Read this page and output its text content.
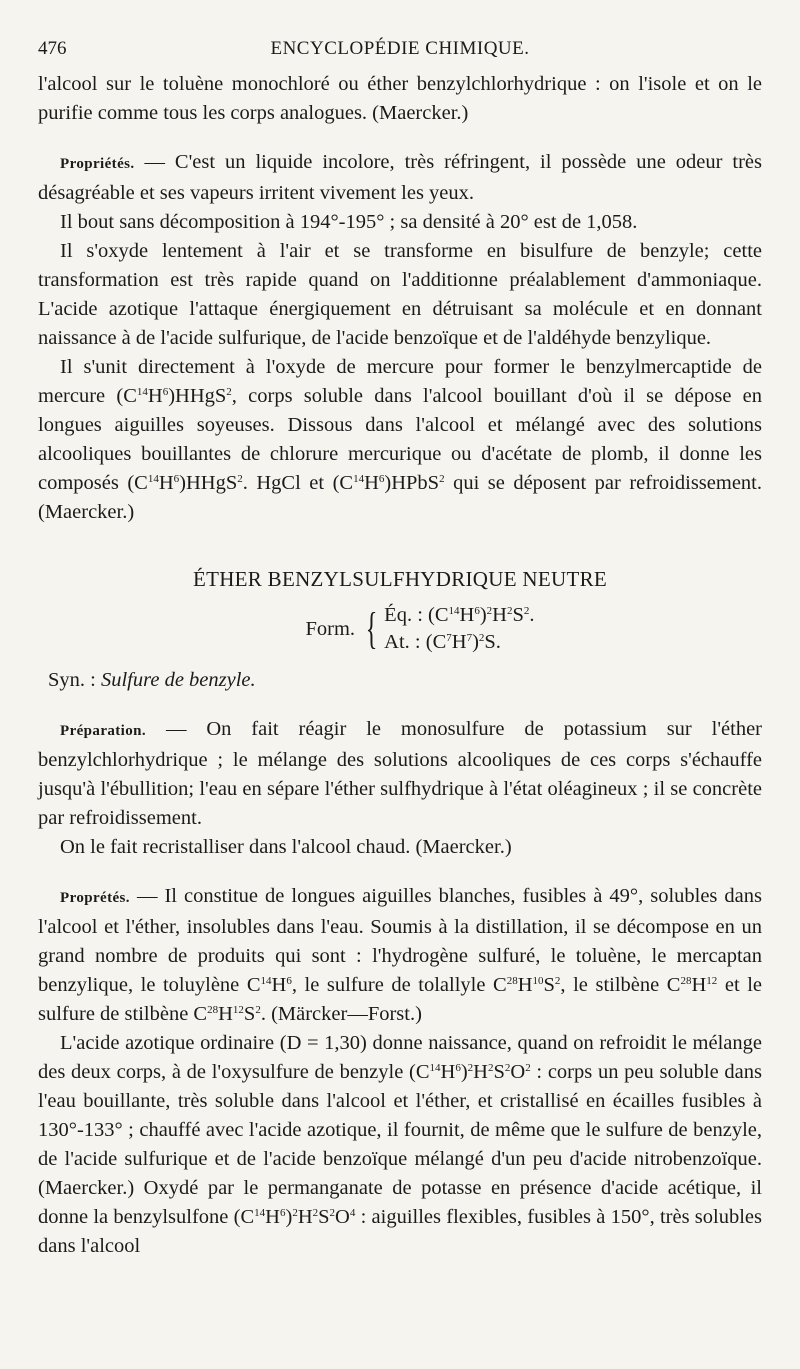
476	ENCYCLOPÉDIE CHIMIQUE.

l'alcool sur le toluène monochloré ou éther benzylchlorhydrique : on l'isole et on le purifie comme tous les corps analogues. (Maercker.)

Propriétés. — C'est un liquide incolore, très réfringent, il possède une odeur très désagréable et ses vapeurs irritent vivement les yeux.

Il bout sans décomposition à 194°-195° ; sa densité à 20° est de 1,058.

Il s'oxyde lentement à l'air et se transforme en bisulfure de benzyle; cette transformation est très rapide quand on l'additionne préalablement d'ammoniaque. L'acide azotique l'attaque énergiquement en détruisant sa molécule et en donnant naissance à de l'acide sulfurique, de l'acide benzoïque et de l'aldéhyde benzylique.

Il s'unit directement à l'oxyde de mercure pour former le benzylmercaptide de mercure $(C^{14}H^6)HHgS^2$, corps soluble dans l'alcool bouillant d'où il se dépose en longues aiguilles soyeuses. Dissous dans l'alcool et mélangé avec des solutions alcooliques bouillantes de chlorure mercurique ou d'acétate de plomb, il donne les composés $(C^{14}H^6)HHgS^2$. HgCl et $(C^{14}H^6)HPbS^2$ qui se déposent par refroidissement. (Maercker.)

ÉTHER BENZYLSULFHYDRIQUE NEUTRE

Form. { Éq. : $(C^{14}H^6)^2H^2S^2$.
At. : $(C^7H^7)^2S$.

Syn. : Sulfure de benzyle.

Préparation. — On fait réagir le monosulfure de potassium sur l'éther benzylchlorhydrique ; le mélange des solutions alcooliques de ces corps s'échauffe jusqu'à l'ébullition; l'eau en sépare l'éther sulfhydrique à l'état oléagineux ; il se concrète par refroidissement.

On le fait recristalliser dans l'alcool chaud. (Maercker.)

Proprétés. — Il constitue de longues aiguilles blanches, fusibles à 49°, solubles dans l'alcool et l'éther, insolubles dans l'eau. Soumis à la distillation, il se décompose en un grand nombre de produits qui sont : l'hydrogène sulfuré, le toluène, le mercaptan benzylique, le toluylène $C^{14}H^6$, le sulfure de tolallyle $C^{28}H^{10}S^2$, le stilbène $C^{28}H^{12}$ et le sulfure de stilbène $C^{28}H^{12}S^2$. (Märcker—Forst.)

L'acide azotique ordinaire (D = 1,30) donne naissance, quand on refroidit le mélange des deux corps, à de l'oxysulfure de benzyle $(C^{14}H^6)^2H^2S^2O^2$ : corps un peu soluble dans l'eau bouillante, très soluble dans l'alcool et l'éther, et cristallisé en écailles fusibles à 130°-133° ; chauffé avec l'acide azotique, il fournit, de même que le sulfure de benzyle, de l'acide sulfurique et de l'acide benzoïque mélangé d'un peu d'acide nitrobenzoïque. (Maercker.) Oxydé par le permanganate de potasse en présence d'acide acétique, il donne la benzylsulfone $(C^{14}H^6)^2H^2S^2O^4$ : aiguilles flexibles, fusibles à 150°, très solubles dans l'alcool
